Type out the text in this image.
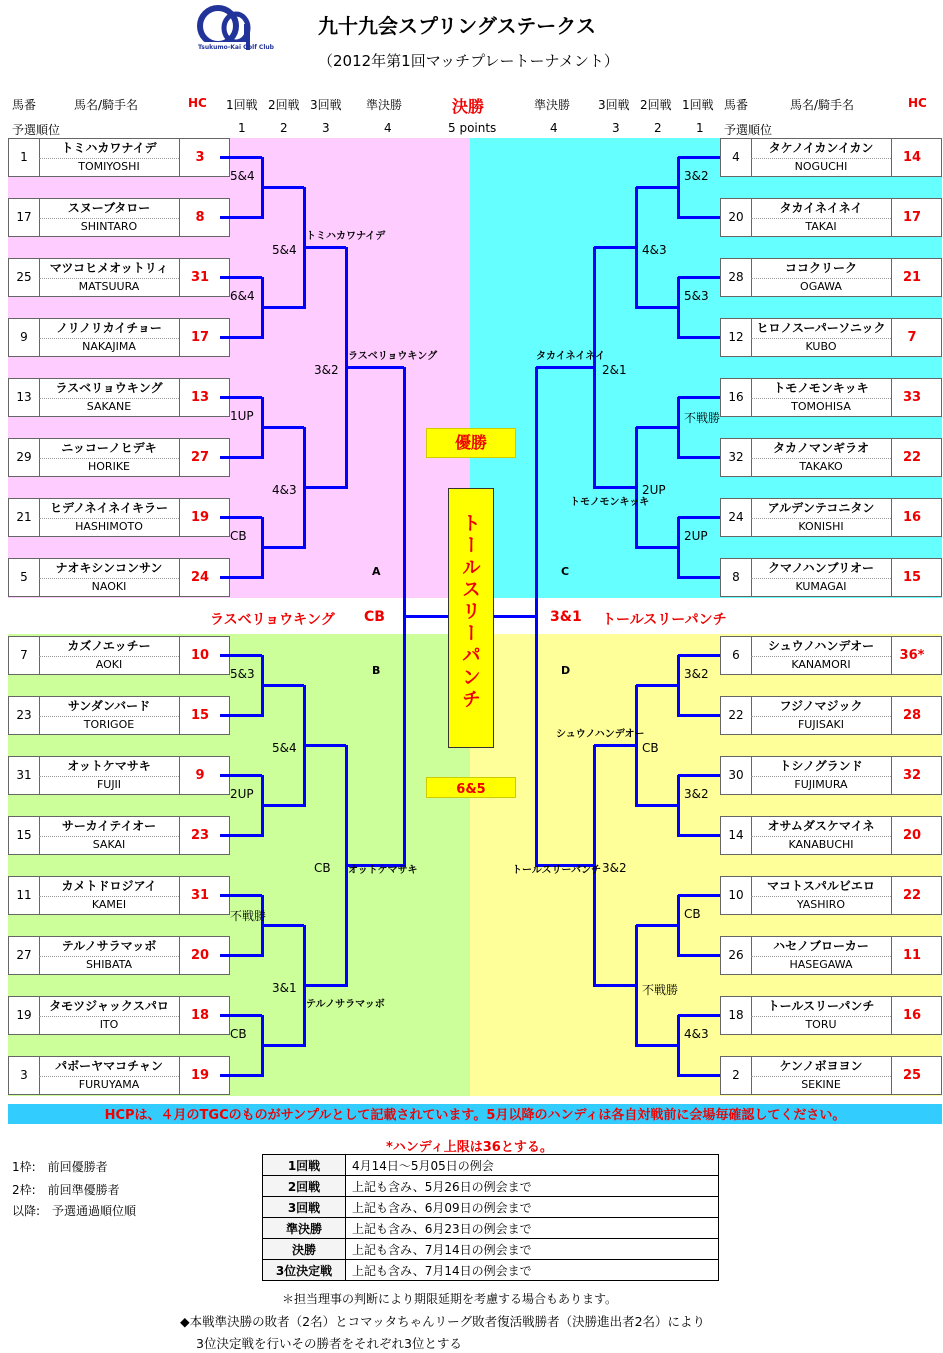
Tsukumo-Kai Golf Club
九十九会スプリングステークス
（2012年第1回マッチプレートーナメント）
馬番	馬名/騎手名	HC 1回戦 2回戦 3回戦 準決勝	決勝	準決勝 3回戦 2回戦 1回戦 馬番	馬名/騎手名	HC
予選順位	1	2	3	4	5 points	4	3	2	1 予選順位
1
トミハカワナイデ
TOMIYOSHI
3	4
タケノイカンイカン
NOGUCHI
14
17
スヌーブタロー
SHINTARO
8	20
タカイネイネイ
TAKAI
17
25
マツコヒメオットリィ
MATSUURA
31	28
ココクリーク
OGAWA
21
9
ノリノリカイチョー
NAKAJIMA
17	12
ヒロノスーパーソニック
KUBO
7
13
ラスベリョウキング
SAKANE
13	16
トモノモンキッキ
TOMOHISA
33
29
ニッコーノヒデキ
HORIKE
27	32
タカノマンギラオ
TAKAKO
22
21
ヒデノネイネイキラー
HASHIMOTO
19	24
アルデンテコニタン
KONISHI
16
5
ナオキシンコンサン
NAOKI
24	8
クマノハンブリオー
KUMAGAI
15
7
カズノエッチー
AOKI
10	6
シュウノハンデオー
KANAMORI
36*
23
サンダンバード
TORIGOE
15	22
フジノマジック
FUJISAKI
28
31
オットケマサキ
FUJII
9	30
トシノグランド
FUJIMURA
32
15
サーカイテイオー
SAKAI
23	14
オサムダスケマイネ
KANABUCHI
20
11
カメトドロジアイ
KAMEI
31	10
マコトスパルビエロ
YASHIRO
22
27
テルノサラマッボ
SHIBATA
20	26
ハセノブローカー
HASEGAWA
11
19
タモツジャックスパロ
ITO
18	18
トールスリーパンチ
TORU
16
3
パボーヤマコチャン
FURUYAMA
19	2
ケンノボヨヨン
SEKINE
25
5&4
6&4
1UP
CB
5&3
2UP
不戦勝
CB
5&4
4&3
5&4
3&1
3&2
CB
3&2
5&3
不戦勝
2UP
3&2
3&2
CB
4&3
4&3
2UP
CB
不戦勝
2&1
3&2
トミハカワナイデ
ラスベリョウキング
オットケマサキ
テルノサラマッボ
タカイネイネイ
トモノモンキッキ
シュウノハンデオー
トールスリーパンチ
A
B
C
D
優勝
トールスリーパンチ
6&5
ラスベリョウキング CB	3&1 トールスリーパンチ
HCPは、４月のTGCのものがサンプルとして記載されています。5月以降のハンディは各自対戦前に会場毎確認してください。
*ハンディ上限は36とする。
1枠:　前回優勝者
2枠:　前回準優勝者
以降:　予選通過順位順
1回戦	4月14日～5月05日の例会
2回戦	上記も含み、5月26日の例会まで
3回戦	上記も含み、6月09日の例会まで
準決勝	上記も含み、6月23日の例会まで
決勝	上記も含み、7月14日の例会まで
3位決定戦	上記も含み、7月14日の例会まで
＊担当理事の判断により期限延期を考慮する場合もあります。
◆本戦準決勝の敗者（2名）とコマッタちゃんリーグ敗者復活戦勝者（決勝進出者2名）により
3位決定戦を行いその勝者をそれぞれ3位とする
